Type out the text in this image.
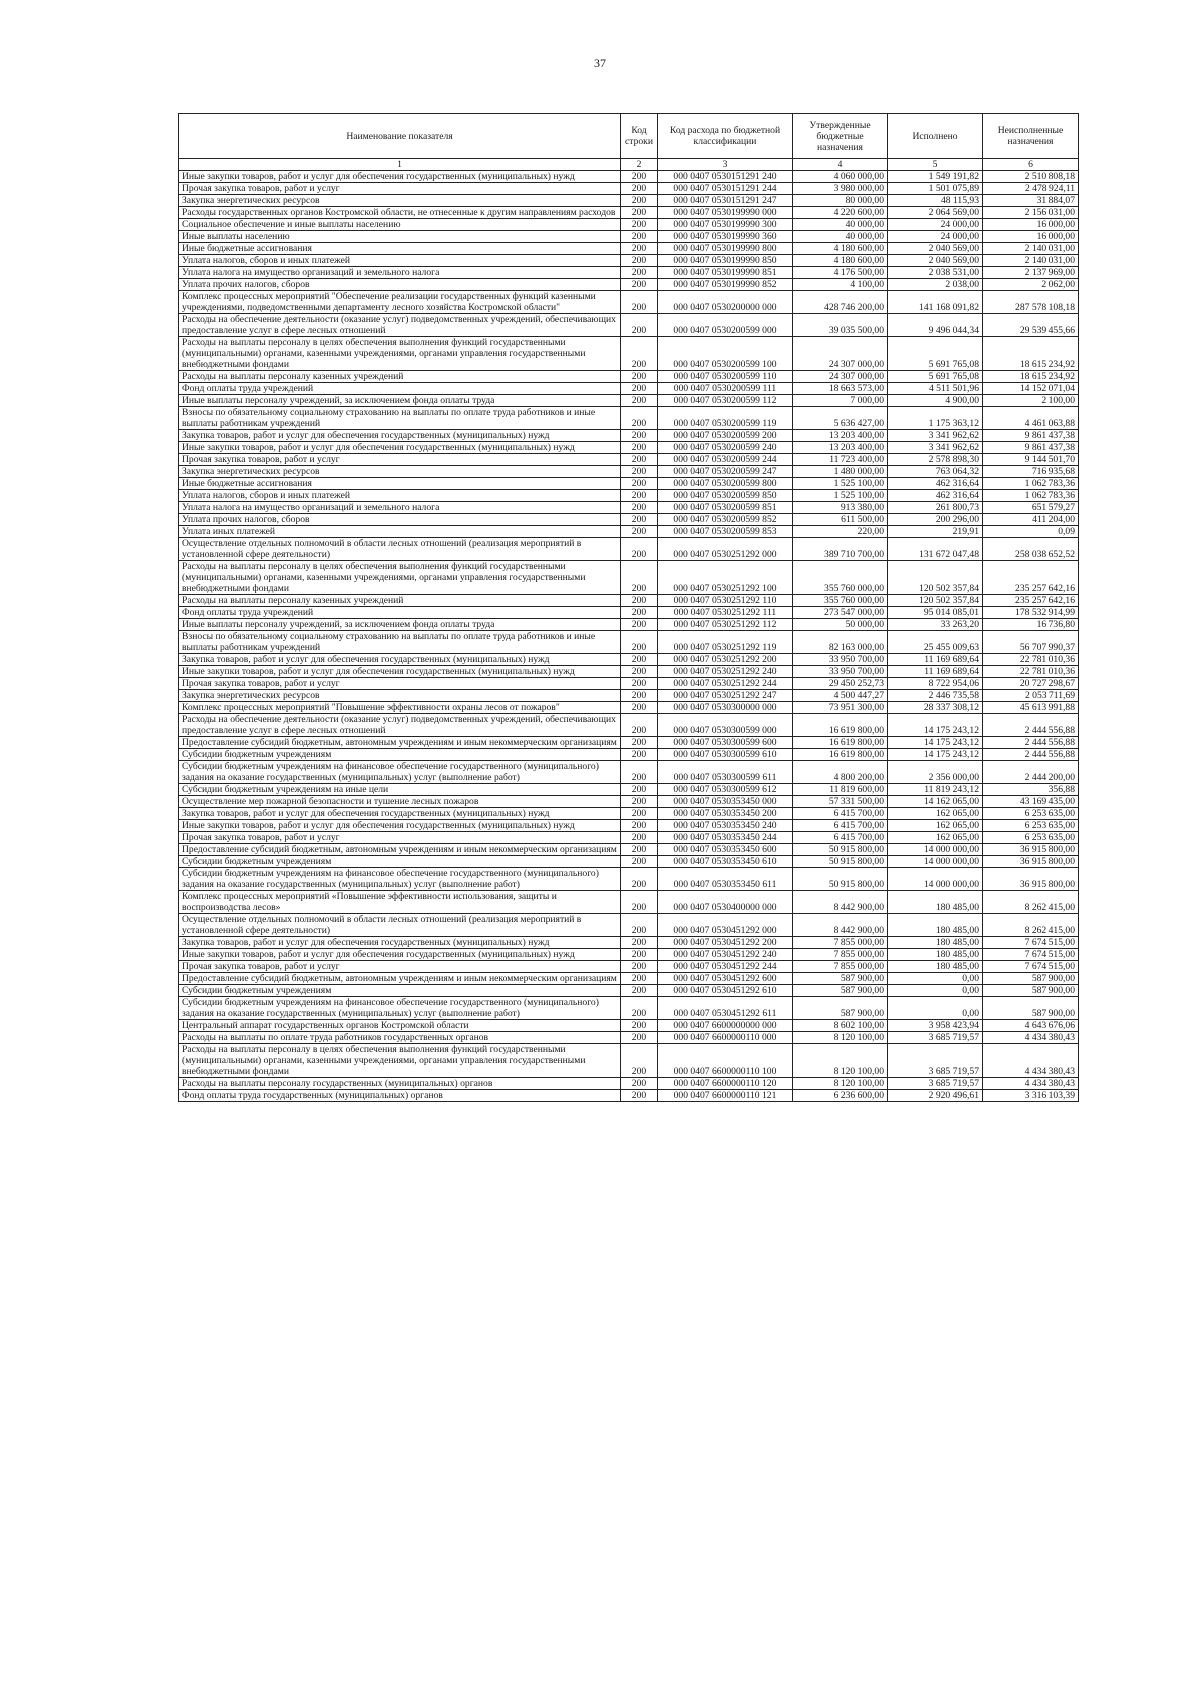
37
Наименование показателя	Код строки	Код расхода по бюджетной классификации	Утвержденные бюджетные назначения	Исполнено	Неисполненные назначения
1	2	3	4	5	6
Иные закупки товаров, работ и услуг для обеспечения государственных (муниципальных) нужд	200	000 0407 0530151291 240	4 060 000,00	1 549 191,82	2 510 808,18
Прочая закупка товаров, работ и услуг	200	000 0407 0530151291 244	3 980 000,00	1 501 075,89	2 478 924,11
Закупка энергетических ресурсов	200	000 0407 0530151291 247	80 000,00	48 115,93	31 884,07
Расходы государственных органов Костромской области, не отнесенные к другим направлениям расходов	200	000 0407 0530199990 000	4 220 600,00	2 064 569,00	2 156 031,00
Социальное обеспечение и иные выплаты населению	200	000 0407 0530199990 300	40 000,00	24 000,00	16 000,00
Иные выплаты населению	200	000 0407 0530199990 360	40 000,00	24 000,00	16 000,00
Иные бюджетные ассигнования	200	000 0407 0530199990 800	4 180 600,00	2 040 569,00	2 140 031,00
Уплата налогов, сборов и иных платежей	200	000 0407 0530199990 850	4 180 600,00	2 040 569,00	2 140 031,00
Уплата налога на имущество организаций и земельного налога	200	000 0407 0530199990 851	4 176 500,00	2 038 531,00	2 137 969,00
Уплата прочих налогов, сборов	200	000 0407 0530199990 852	4 100,00	2 038,00	2 062,00
Комплекс процессных мероприятий "Обеспечение реализации государственных функций казенными учреждениями, подведомственными департаменту лесного хозяйства Костромской области"	200	000 0407 0530200000 000	428 746 200,00	141 168 091,82	287 578 108,18
Расходы на обеспечение деятельности (оказание услуг) подведомственных учреждений, обеспечивающих предоставление услуг в сфере лесных отношений	200	000 0407 0530200599 000	39 035 500,00	9 496 044,34	29 539 455,66
Расходы на выплаты персоналу в целях обеспечения выполнения функций государственными (муниципальными) органами, казенными учреждениями, органами управления государственными внебюджетными фондами	200	000 0407 0530200599 100	24 307 000,00	5 691 765,08	18 615 234,92
Расходы на выплаты персоналу казенных учреждений	200	000 0407 0530200599 110	24 307 000,00	5 691 765,08	18 615 234,92
Фонд оплаты труда учреждений	200	000 0407 0530200599 111	18 663 573,00	4 511 501,96	14 152 071,04
Иные выплаты персоналу учреждений, за исключением фонда оплаты труда	200	000 0407 0530200599 112	7 000,00	4 900,00	2 100,00
Взносы по обязательному социальному страхованию на выплаты по оплате труда работников и иные выплаты работникам учреждений	200	000 0407 0530200599 119	5 636 427,00	1 175 363,12	4 461 063,88
Закупка товаров, работ и услуг для обеспечения государственных (муниципальных) нужд	200	000 0407 0530200599 200	13 203 400,00	3 341 962,62	9 861 437,38
Иные закупки товаров, работ и услуг для обеспечения государственных (муниципальных) нужд	200	000 0407 0530200599 240	13 203 400,00	3 341 962,62	9 861 437,38
Прочая закупка товаров, работ и услуг	200	000 0407 0530200599 244	11 723 400,00	2 578 898,30	9 144 501,70
Закупка энергетических ресурсов	200	000 0407 0530200599 247	1 480 000,00	763 064,32	716 935,68
Иные бюджетные ассигнования	200	000 0407 0530200599 800	1 525 100,00	462 316,64	1 062 783,36
Уплата налогов, сборов и иных платежей	200	000 0407 0530200599 850	1 525 100,00	462 316,64	1 062 783,36
Уплата налога на имущество организаций и земельного налога	200	000 0407 0530200599 851	913 380,00	261 800,73	651 579,27
Уплата прочих налогов, сборов	200	000 0407 0530200599 852	611 500,00	200 296,00	411 204,00
Уплата иных платежей	200	000 0407 0530200599 853	220,00	219,91	0,09
Осуществление отдельных полномочий в области лесных отношений (реализация мероприятий в установленной сфере деятельности)	200	000 0407 0530251292 000	389 710 700,00	131 672 047,48	258 038 652,52
Расходы на выплаты персоналу в целях обеспечения выполнения функций государственными (муниципальными) органами, казенными учреждениями, органами управления государственными внебюджетными фондами	200	000 0407 0530251292 100	355 760 000,00	120 502 357,84	235 257 642,16
Расходы на выплаты персоналу казенных учреждений	200	000 0407 0530251292 110	355 760 000,00	120 502 357,84	235 257 642,16
Фонд оплаты труда учреждений	200	000 0407 0530251292 111	273 547 000,00	95 014 085,01	178 532 914,99
Иные выплаты персоналу учреждений, за исключением фонда оплаты труда	200	000 0407 0530251292 112	50 000,00	33 263,20	16 736,80
Взносы по обязательному социальному страхованию на выплаты по оплате труда работников и иные выплаты работникам учреждений	200	000 0407 0530251292 119	82 163 000,00	25 455 009,63	56 707 990,37
Закупка товаров, работ и услуг для обеспечения государственных (муниципальных) нужд	200	000 0407 0530251292 200	33 950 700,00	11 169 689,64	22 781 010,36
Иные закупки товаров, работ и услуг для обеспечения государственных (муниципальных) нужд	200	000 0407 0530251292 240	33 950 700,00	11 169 689,64	22 781 010,36
Прочая закупка товаров, работ и услуг	200	000 0407 0530251292 244	29 450 252,73	8 722 954,06	20 727 298,67
Закупка энергетических ресурсов	200	000 0407 0530251292 247	4 500 447,27	2 446 735,58	2 053 711,69
Комплекс процессных мероприятий "Повышение эффективности охраны лесов от пожаров"	200	000 0407 0530300000 000	73 951 300,00	28 337 308,12	45 613 991,88
Расходы на обеспечение деятельности (оказание услуг) подведомственных учреждений, обеспечивающих предоставление услуг в сфере лесных отношений	200	000 0407 0530300599 000	16 619 800,00	14 175 243,12	2 444 556,88
Предоставление субсидий бюджетным, автономным учреждениям и иным некоммерческим организациям	200	000 0407 0530300599 600	16 619 800,00	14 175 243,12	2 444 556,88
Субсидии бюджетным учреждениям	200	000 0407 0530300599 610	16 619 800,00	14 175 243,12	2 444 556,88
Субсидии бюджетным учреждениям на финансовое обеспечение государственного (муниципального) задания на оказание государственных (муниципальных) услуг (выполнение работ)	200	000 0407 0530300599 611	4 800 200,00	2 356 000,00	2 444 200,00
Субсидии бюджетным учреждениям на иные цели	200	000 0407 0530300599 612	11 819 600,00	11 819 243,12	356,88
Осуществление мер пожарной безопасности и тушение лесных пожаров	200	000 0407 0530353450 000	57 331 500,00	14 162 065,00	43 169 435,00
Закупка товаров, работ и услуг для обеспечения государственных (муниципальных) нужд	200	000 0407 0530353450 200	6 415 700,00	162 065,00	6 253 635,00
Иные закупки товаров, работ и услуг для обеспечения государственных (муниципальных) нужд	200	000 0407 0530353450 240	6 415 700,00	162 065,00	6 253 635,00
Прочая закупка товаров, работ и услуг	200	000 0407 0530353450 244	6 415 700,00	162 065,00	6 253 635,00
Предоставление субсидий бюджетным, автономным учреждениям и иным некоммерческим организациям	200	000 0407 0530353450 600	50 915 800,00	14 000 000,00	36 915 800,00
Субсидии бюджетным учреждениям	200	000 0407 0530353450 610	50 915 800,00	14 000 000,00	36 915 800,00
Субсидии бюджетным учреждениям на финансовое обеспечение государственного (муниципального) задания на оказание государственных (муниципальных) услуг (выполнение работ)	200	000 0407 0530353450 611	50 915 800,00	14 000 000,00	36 915 800,00
Комплекс процессных мероприятий «Повышение эффективности использования, защиты и воспроизводства лесов»	200	000 0407 0530400000 000	8 442 900,00	180 485,00	8 262 415,00
Осуществление отдельных полномочий в области лесных отношений (реализация мероприятий в установленной сфере деятельности)	200	000 0407 0530451292 000	8 442 900,00	180 485,00	8 262 415,00
Закупка товаров, работ и услуг для обеспечения государственных (муниципальных) нужд	200	000 0407 0530451292 200	7 855 000,00	180 485,00	7 674 515,00
Иные закупки товаров, работ и услуг для обеспечения государственных (муниципальных) нужд	200	000 0407 0530451292 240	7 855 000,00	180 485,00	7 674 515,00
Прочая закупка товаров, работ и услуг	200	000 0407 0530451292 244	7 855 000,00	180 485,00	7 674 515,00
Предоставление субсидий бюджетным, автономным учреждениям и иным некоммерческим организациям	200	000 0407 0530451292 600	587 900,00	0,00	587 900,00
Субсидии бюджетным учреждениям	200	000 0407 0530451292 610	587 900,00	0,00	587 900,00
Субсидии бюджетным учреждениям на финансовое обеспечение государственного (муниципального) задания на оказание государственных (муниципальных) услуг (выполнение работ)	200	000 0407 0530451292 611	587 900,00	0,00	587 900,00
Центральный аппарат государственных органов Костромской области	200	000 0407 6600000000 000	8 602 100,00	3 958 423,94	4 643 676,06
Расходы на выплаты по оплате труда работников государственных органов	200	000 0407 6600000110 000	8 120 100,00	3 685 719,57	4 434 380,43
Расходы на выплаты персоналу в целях обеспечения выполнения функций государственными (муниципальными) органами, казенными учреждениями, органами управления государственными внебюджетными фондами	200	000 0407 6600000110 100	8 120 100,00	3 685 719,57	4 434 380,43
Расходы на выплаты персоналу государственных (муниципальных) органов	200	000 0407 6600000110 120	8 120 100,00	3 685 719,57	4 434 380,43
Фонд оплаты труда государственных (муниципальных) органов	200	000 0407 6600000110 121	6 236 600,00	2 920 496,61	3 316 103,39
